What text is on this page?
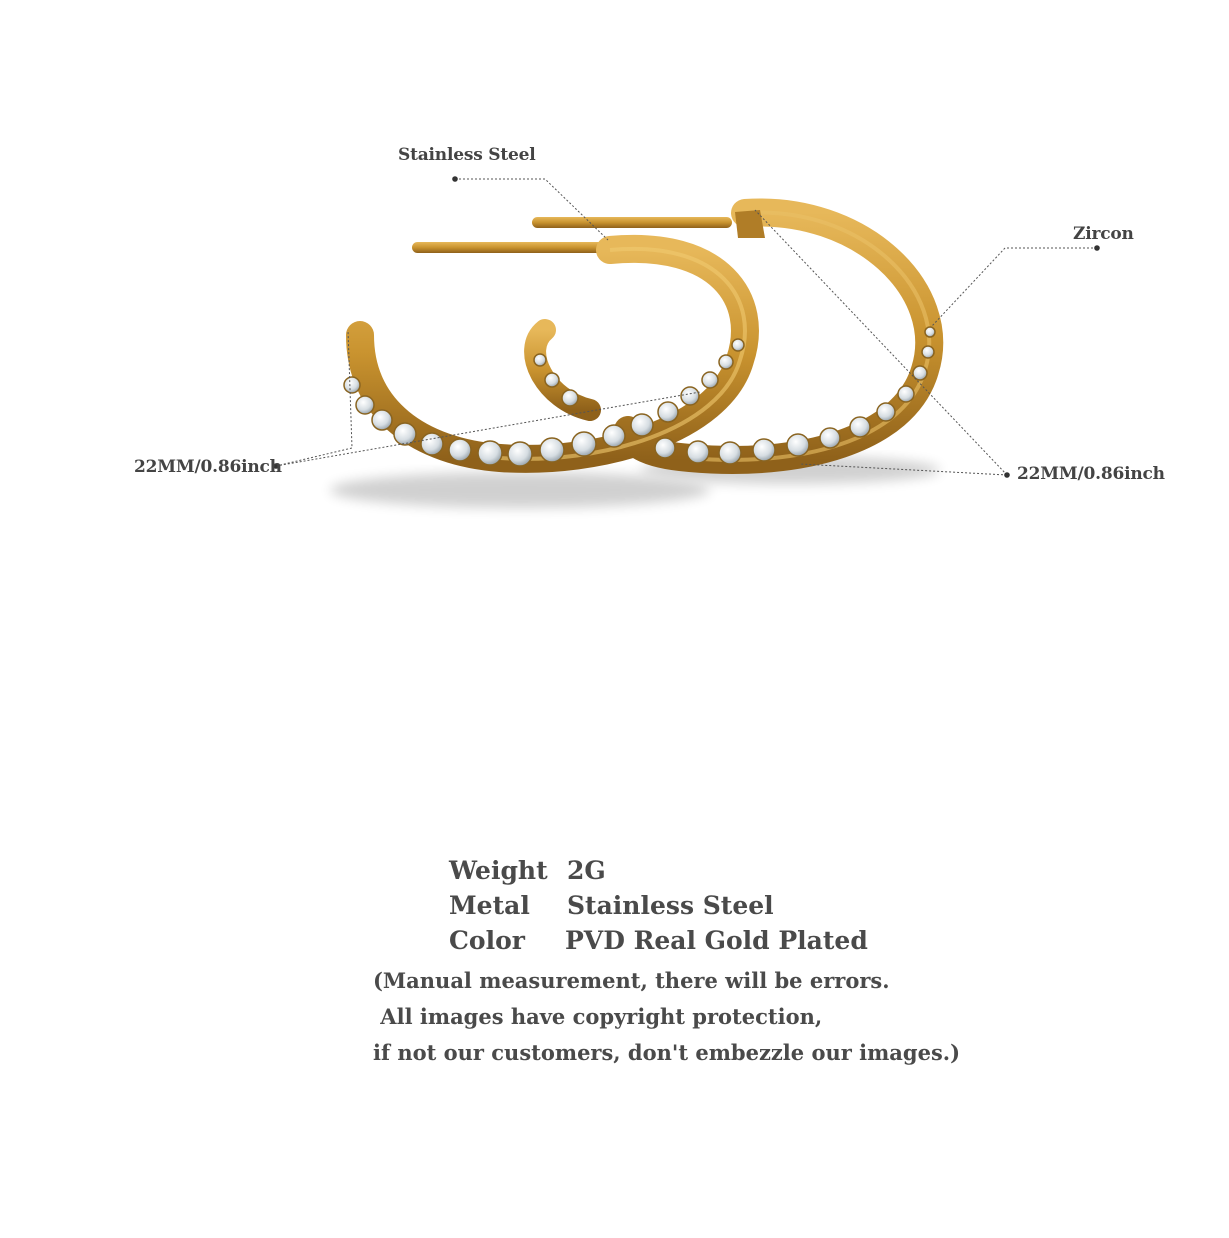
Stainless Steel
Zircon
22MM/0.86inch	22MM/0.86inch
Weight 2G
Metal Stainless Steel
Color PVD Real Gold Plated
(Manual measurement, there will be errors.
All images have copyright protection,
if not our customers, don't embezzle our images.)
